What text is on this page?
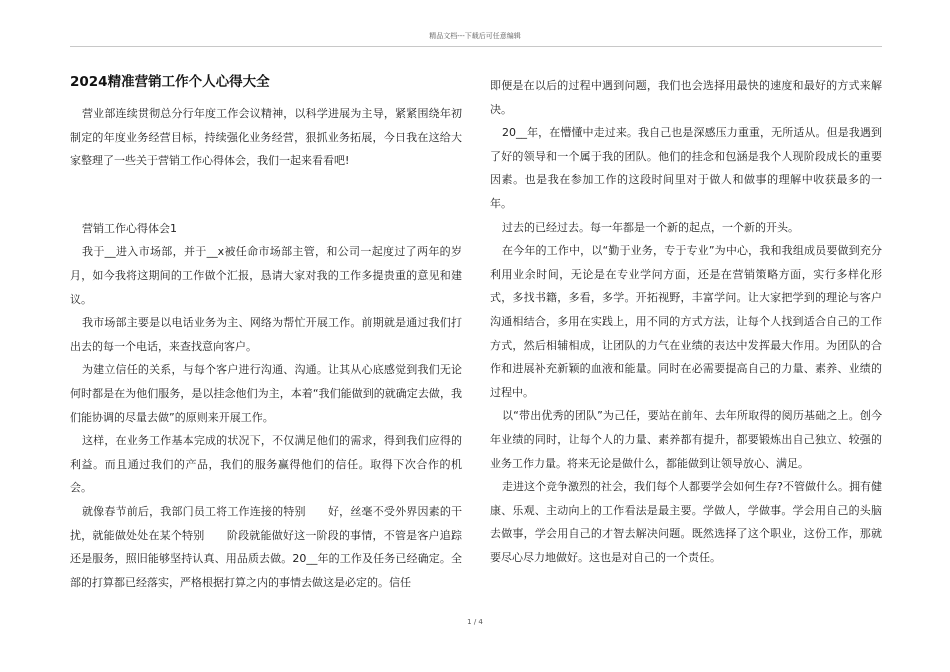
精品文档---下载后可任意编辑
2024精准营销工作个人心得大全

营业部连续贯彻总分行年度工作会议精神，以科学进展为主导，紧紧围绕年初制定的年度业务经营目标，持续强化业务经营，狠抓业务拓展，今日我在这给大家整理了一些关于营销工作心得体会，我们一起来看看吧!

营销工作心得体会1

我于__进入市场部，并于__x被任命市场部主管，和公司一起度过了两年的岁月，如今我将这期间的工作做个汇报，恳请大家对我的工作多提贵重的意见和建议。

我市场部主要是以电话业务为主、网络为帮忙开展工作。前期就是通过我们打出去的每一个电话，来查找意向客户。

为建立信任的关系，与每个客户进行沟通、沟通。让其从心底感觉到我们无论何时都是在为他们服务，是以挂念他们为主，本着“我们能做到的就确定去做，我们能协调的尽量去做”的原则来开展工作。

这样，在业务工作基本完成的状况下，不仅满足他们的需求，得到我们应得的利益。而且通过我们的产品，我们的服务赢得他们的信任。取得下次合作的机会。

就像春节前后，我部门员工将工作连接的特别　　好，丝毫不受外界因素的干扰，就能做处处在某个特别　　阶段就能做好这一阶段的事情，不管是客户追踪还是服务，照旧能够坚持认真、用品质去做。20__年的工作及任务已经确定。全部的打算都已经落实，严格根据打算之内的事情去做这是必定的。信任

即便是在以后的过程中遇到问题，我们也会选择用最快的速度和最好的方式来解决。

20__年，在懵懂中走过来。我自己也是深感压力重重，无所适从。但是我遇到了好的领导和一个属于我的团队。他们的挂念和包涵是我个人现阶段成长的重要因素。也是我在参加工作的这段时间里对于做人和做事的理解中收获最多的一年。

过去的已经过去。每一年都是一个新的起点，一个新的开头。

在今年的工作中，以“勤于业务，专于专业”为中心，我和我组成员要做到充分利用业余时间，无论是在专业学问方面，还是在营销策略方面，实行多样化形式，多找书籍，多看，多学。开拓视野，丰富学问。让大家把学到的理论与客户沟通相结合，多用在实践上，用不同的方式方法，让每个人找到适合自己的工作方式，然后相辅相成，让团队的力气在业绩的表达中发挥最大作用。为团队的合作和进展补充新颖的血液和能量。同时在必需要提高自己的力量、素养、业绩的过程中。

以“带出优秀的团队”为己任，要站在前年、去年所取得的阅历基础之上。创今年业绩的同时，让每个人的力量、素养都有提升，都要锻炼出自己独立、较强的业务工作力量。将来无论是做什么，都能做到让领导放心、满足。

走进这个竞争激烈的社会，我们每个人都要学会如何生存?不管做什么。拥有健康、乐观、主动向上的工作看法是最主要。学做人，学做事。学会用自己的头脑去做事，学会用自己的才智去解决问题。既然选择了这个职业，这份工作，那就要尽心尽力地做好。这也是对自己的一个责任。

1 / 4
